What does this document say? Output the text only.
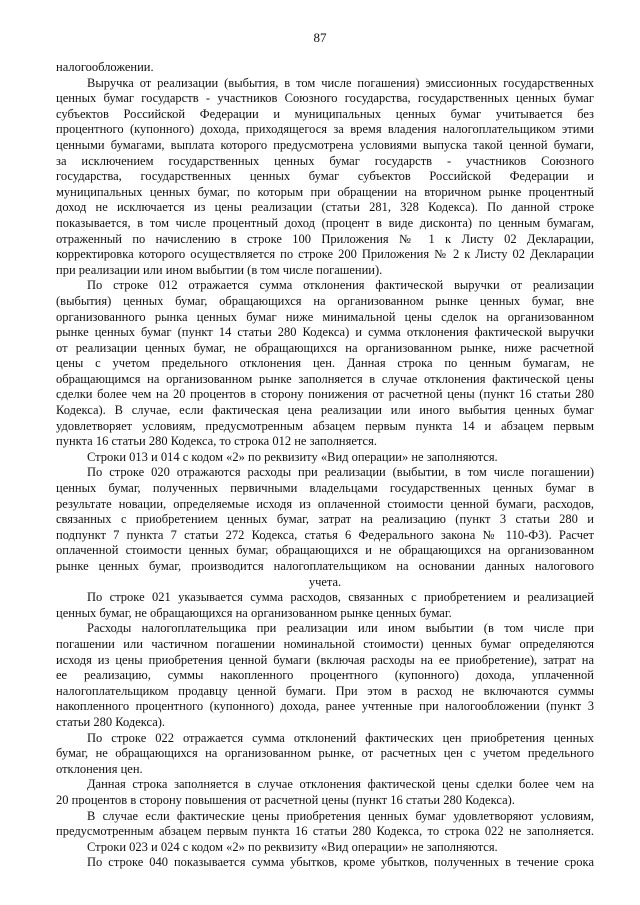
87
налогообложении.
Выручка от реализации (выбытия, в том числе погашения) эмиссионных государственных
ценных бумаг государств - участников Союзного государства, государственных ценных бумаг
субъектов Российской Федерации и муниципальных ценных бумаг учитывается без
процентного (купонного) дохода, приходящегося за время владения налогоплательщиком этими
ценными бумагами, выплата которого предусмотрена условиями выпуска такой ценной бумаги,
за исключением государственных ценных бумаг государств - участников Союзного
государства, государственных ценных бумаг субъектов Российской Федерации и
муниципальных ценных бумаг, по которым при обращении на вторичном рынке процентный
доход не исключается из цены реализации (статьи 281, 328 Кодекса). По данной строке
показывается, в том числе процентный доход (процент в виде дисконта) по ценным бумагам,
отраженный по начислению в строке 100 Приложения № 1 к Листу 02 Декларации,
корректировка которого осуществляется по строке 200 Приложения № 2 к Листу 02 Декларации
при реализации или ином выбытии (в том числе погашении).
По строке 012 отражается сумма отклонения фактической выручки от реализации
(выбытия) ценных бумаг, обращающихся на организованном рынке ценных бумаг, вне
организованного рынка ценных бумаг ниже минимальной цены сделок на организованном
рынке ценных бумаг (пункт 14 статьи 280 Кодекса) и сумма отклонения фактической выручки
от реализации ценных бумаг, не обращающихся на организованном рынке, ниже расчетной
цены с учетом предельного отклонения цен. Данная строка по ценным бумагам, не
обращающимся на организованном рынке заполняется в случае отклонения фактической цены
сделки более чем на 20 процентов в сторону понижения от расчетной цены (пункт 16 статьи 280
Кодекса). В случае, если фактическая цена реализации или иного выбытия ценных бумаг
удовлетворяет условиям, предусмотренным абзацем первым пункта 14 и абзацем первым
пункта 16 статьи 280 Кодекса, то строка 012 не заполняется.
Строки 013 и 014 с кодом «2» по реквизиту «Вид операции» не заполняются.
По строке 020 отражаются расходы при реализации (выбытии, в том числе погашении)
ценных бумаг, полученных первичными владельцами государственных ценных бумаг в
результате новации, определяемые исходя из оплаченной стоимости ценной бумаги, расходов,
связанных с приобретением ценных бумаг, затрат на реализацию (пункт 3 статьи 280 и
подпункт 7 пункта 7 статьи 272 Кодекса, статья 6 Федерального закона № 110-ФЗ). Расчет
оплаченной стоимости ценных бумаг, обращающихся и не обращающихся на организованном
рынке ценных бумаг, производится налогоплательщиком на основании данных налогового
учета.
По строке 021 указывается сумма расходов, связанных с приобретением и реализацией
ценных бумаг, не обращающихся на организованном рынке ценных бумаг.
Расходы налогоплательщика при реализации или ином выбытии (в том числе при
погашении или частичном погашении номинальной стоимости) ценных бумаг определяются
исходя из цены приобретения ценной бумаги (включая расходы на ее приобретение), затрат на
ее реализацию, суммы накопленного процентного (купонного) дохода, уплаченной
налогоплательщиком продавцу ценной бумаги. При этом в расход не включаются суммы
накопленного процентного (купонного) дохода, ранее учтенные при налогообложении (пункт 3
статьи 280 Кодекса).
По строке 022 отражается сумма отклонений фактических цен приобретения ценных
бумаг, не обращающихся на организованном рынке, от расчетных цен с учетом предельного
отклонения цен.
Данная строка заполняется в случае отклонения фактической цены сделки более чем на
20 процентов в сторону повышения от расчетной цены (пункт 16 статьи 280 Кодекса).
В случае если фактические цены приобретения ценных бумаг удовлетворяют условиям,
предусмотренным абзацем первым пункта 16 статьи 280 Кодекса, то строка 022 не заполняется.
Строки 023 и 024 с кодом «2» по реквизиту «Вид операции» не заполняются.
По строке 040 показывается сумма убытков, кроме убытков, полученных в течение срока
